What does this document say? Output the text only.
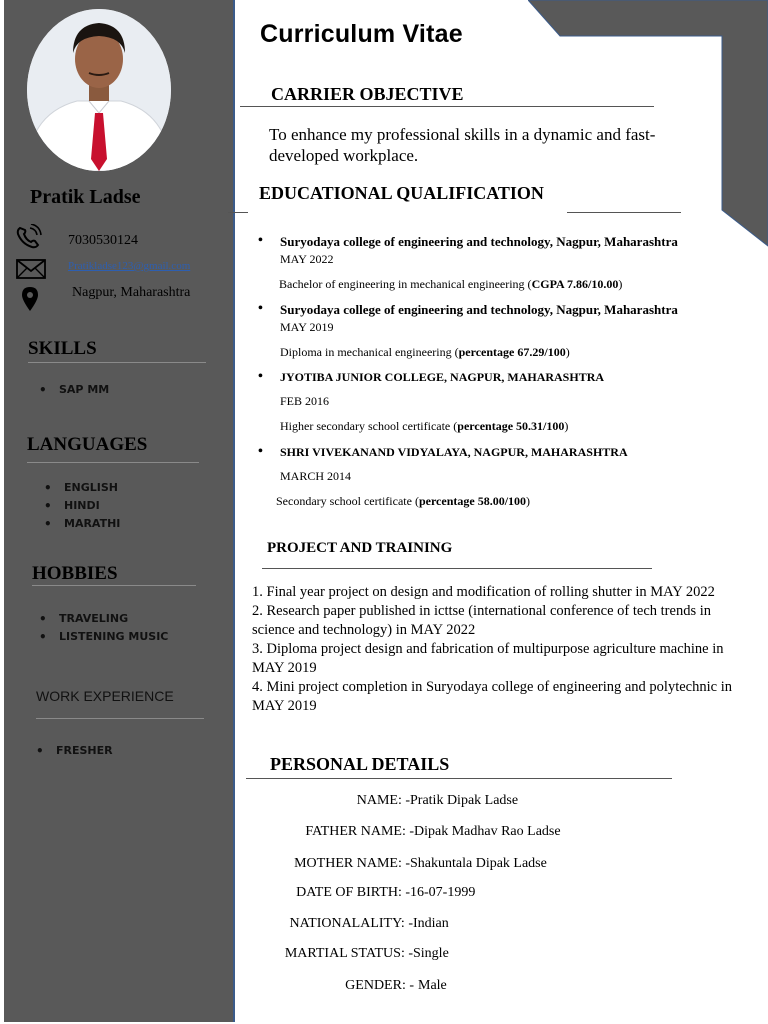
Pratik Ladse
7030530124
Pratikladse123@gmail.com
Nagpur, Maharashtra
SKILLS
• SAP MM
LANGUAGES
• ENGLISH
• HINDI
• MARATHI
HOBBIES
• TRAVELING
• LISTENING MUSIC
WORK EXPERIENCE
• FRESHER
Curriculum Vitae
CARRIER OBJECTIVE
To enhance my professional skills in a dynamic and fast-developed workplace.
EDUCATIONAL QUALIFICATION
• Suryodaya college of engineering and technology, Nagpur, Maharashtra
MAY 2022
Bachelor of engineering in mechanical engineering (CGPA 7.86/10.00)
• Suryodaya college of engineering and technology, Nagpur, Maharashtra
MAY 2019
Diploma in mechanical engineering (percentage 67.29/100)
• JYOTIBA JUNIOR COLLEGE, NAGPUR, MAHARASHTRA
FEB 2016
Higher secondary school certificate (percentage 50.31/100)
• SHRI VIVEKANAND VIDYALAYA, NAGPUR, MAHARASHTRA
MARCH 2014
Secondary school certificate (percentage 58.00/100)
PROJECT AND TRAINING
1. Final year project on design and modification of rolling shutter in MAY 2022
2. Research paper published in icttse (international conference of tech trends in science and technology) in MAY 2022
3. Diploma project design and fabrication of multipurpose agriculture machine in MAY 2019
4. Mini project completion in Suryodaya college of engineering and polytechnic in MAY 2019
PERSONAL DETAILS
NAME: -Pratik Dipak Ladse
FATHER NAME: -Dipak Madhav Rao Ladse
MOTHER NAME: -Shakuntala Dipak Ladse
DATE OF BIRTH: -16-07-1999
NATIONALALITY: -Indian
MARTIAL STATUS: -Single
GENDER: -Male
